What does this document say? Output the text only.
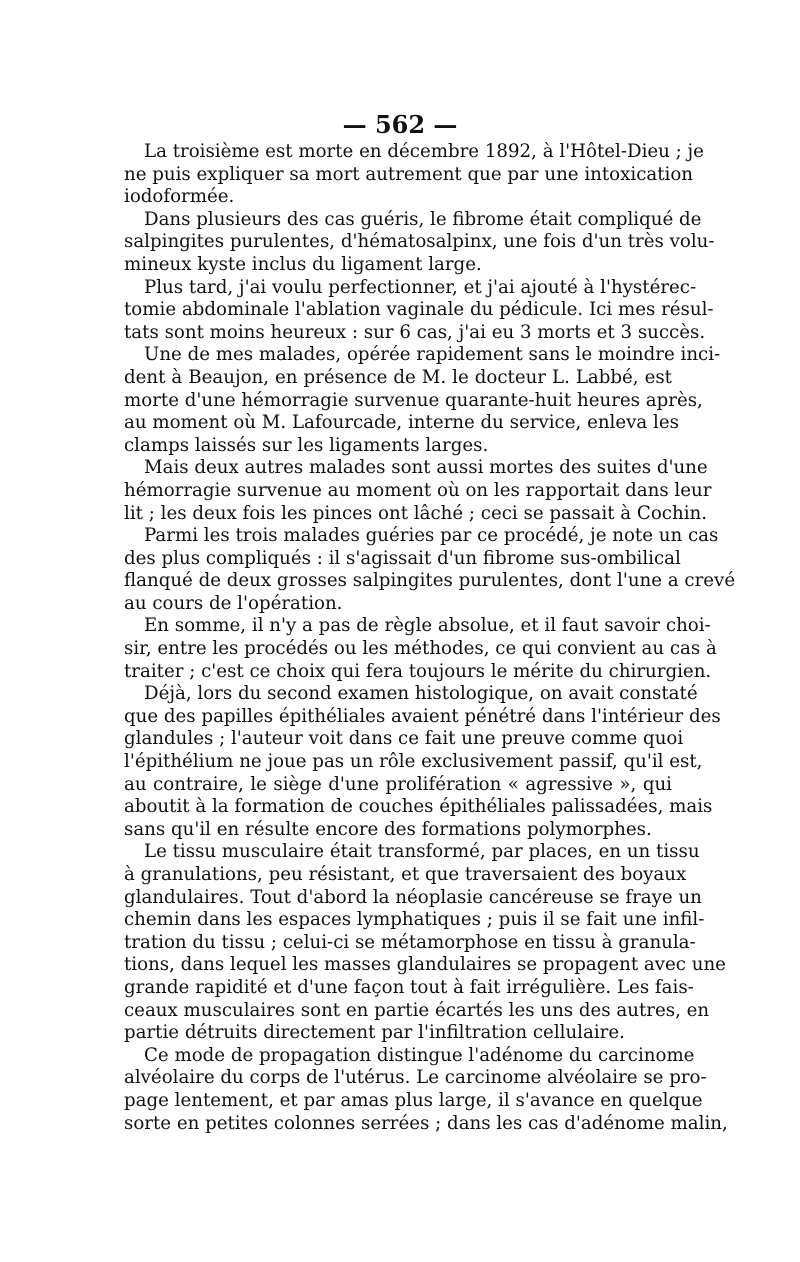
— 562 —
La troisième est morte en décembre 1892, à l'Hôtel-Dieu ; je
ne puis expliquer sa mort autrement que par une intoxication
iodoformée.
Dans plusieurs des cas guéris, le fibrome était compliqué de
salpingites purulentes, d'hématosalpinx, une fois d'un très volu-
mineux kyste inclus du ligament large.
Plus tard, j'ai voulu perfectionner, et j'ai ajouté à l'hystérec-
tomie abdominale l'ablation vaginale du pédicule. Ici mes résul-
tats sont moins heureux : sur 6 cas, j'ai eu 3 morts et 3 succès.
Une de mes malades, opérée rapidement sans le moindre inci-
dent à Beaujon, en présence de M. le docteur L. Labbé, est
morte d'une hémorragie survenue quarante-huit heures après,
au moment où M. Lafourcade, interne du service, enleva les
clamps laissés sur les ligaments larges.
Mais deux autres malades sont aussi mortes des suites d'une
hémorragie survenue au moment où on les rapportait dans leur
lit ; les deux fois les pinces ont lâché ; ceci se passait à Cochin.
Parmi les trois malades guéries par ce procédé, je note un cas
des plus compliqués : il s'agissait d'un fibrome sus-ombilical
flanqué de deux grosses salpingites purulentes, dont l'une a crevé
au cours de l'opération.
En somme, il n'y a pas de règle absolue, et il faut savoir choi-
sir, entre les procédés ou les méthodes, ce qui convient au cas à
traiter ; c'est ce choix qui fera toujours le mérite du chirurgien.
Déjà, lors du second examen histologique, on avait constaté
que des papilles épithéliales avaient pénétré dans l'intérieur des
glandules ; l'auteur voit dans ce fait une preuve comme quoi
l'épithélium ne joue pas un rôle exclusivement passif, qu'il est,
au contraire, le siège d'une prolifération « agressive », qui
aboutit à la formation de couches épithéliales palissadées, mais
sans qu'il en résulte encore des formations polymorphes.
Le tissu musculaire était transformé, par places, en un tissu
à granulations, peu résistant, et que traversaient des boyaux
glandulaires. Tout d'abord la néoplasie cancéreuse se fraye un
chemin dans les espaces lymphatiques ; puis il se fait une infil-
tration du tissu ; celui-ci se métamorphose en tissu à granula-
tions, dans lequel les masses glandulaires se propagent avec une
grande rapidité et d'une façon tout à fait irrégulière. Les fais-
ceaux musculaires sont en partie écartés les uns des autres, en
partie détruits directement par l'infiltration cellulaire.
Ce mode de propagation distingue l'adénome du carcinome
alvéolaire du corps de l'utérus. Le carcinome alvéolaire se pro-
page lentement, et par amas plus large, il s'avance en quelque
sorte en petites colonnes serrées ; dans les cas d'adénome malin,
